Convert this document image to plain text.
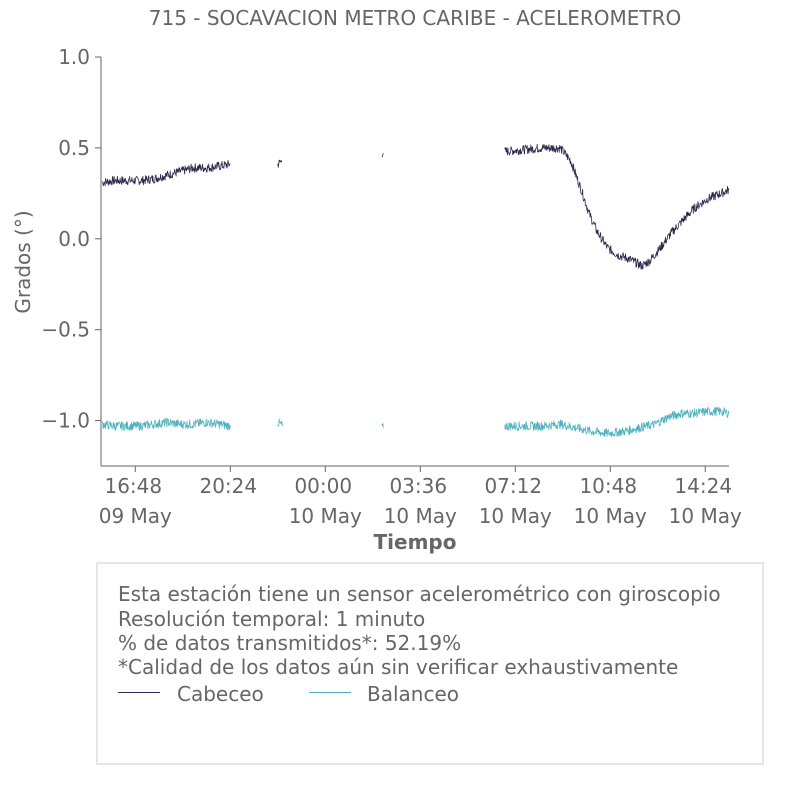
715 - SOCAVACION METRO CARIBE - ACELEROMETRO
Grados (°)
Tiempo
1.0
0.5
0.0
−0.5
−1.0
16:48
09 May
20:24 00:00
10 May
03:36
10 May
07:12
10 May
10:48
10 May
14:24
10 May
Esta estación tiene un sensor acelerométrico con giroscopio
Resolución temporal: 1 minuto
% de datos transmitidos*: 52.19%
*Calidad de los datos aún sin verificar exhaustivamente
Cabeceo	Balanceo
